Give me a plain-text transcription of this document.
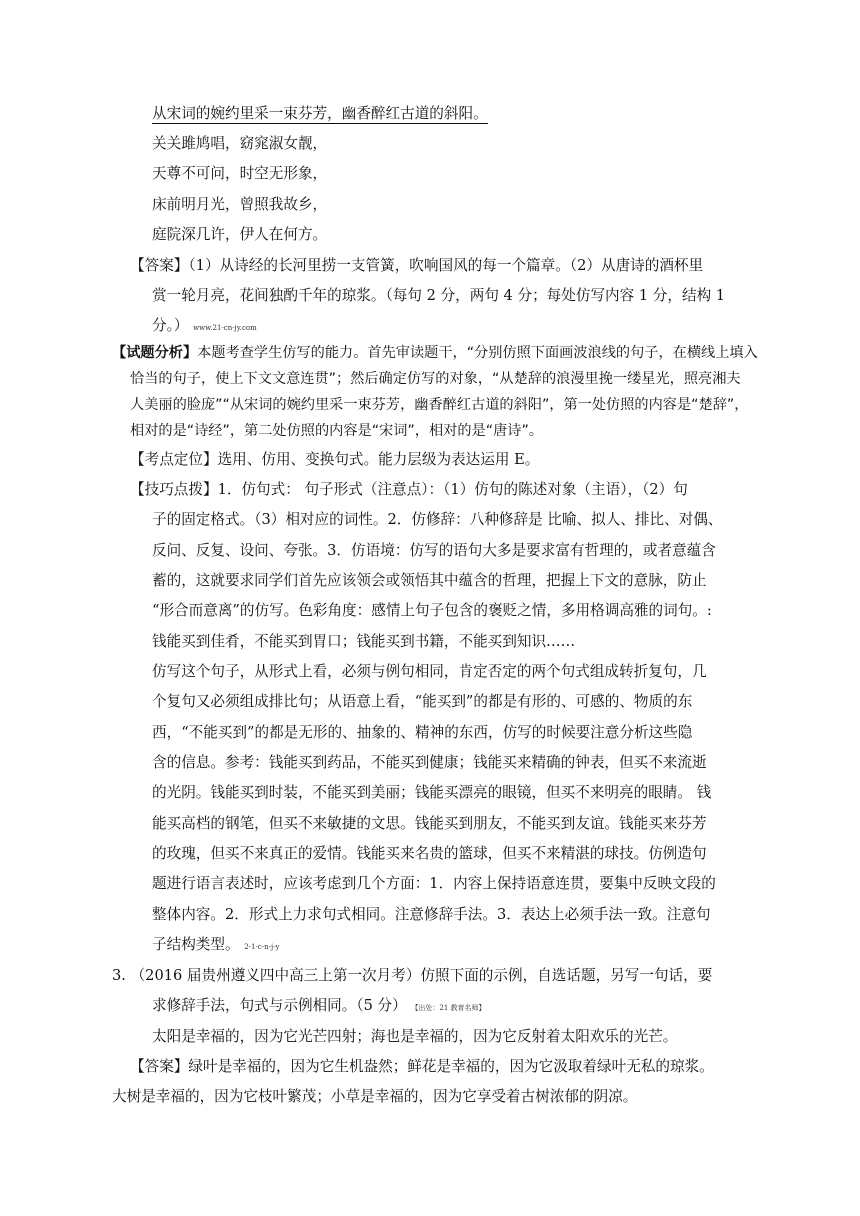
从宋词的婉约里采一束芬芳，幽香醉红古道的斜阳。
关关雎鸠唱，窈窕淑女靓，
天尊不可问，时空无形象，
床前明月光，曾照我故乡，
庭院深几许，伊人在何方。
【答案】（1）从诗经的长河里捞一支管簧，吹响国风的每一个篇章。（2）从唐诗的酒杯里
赏一轮月亮，花间独酌千年的琼浆。（每句 2 分，两句 4 分；每处仿写内容 1 分，结构 1
分。） www.21-cn-jy.com
【试题分析】本题考查学生仿写的能力。首先审读题干，“分别仿照下面画波浪线的句子，在横线上填入
恰当的句子，使上下文文意连贯”；然后确定仿写的对象，“从楚辞的浪漫里挽一缕星光，照亮湘夫
人美丽的脸庞”“从宋词的婉约里采一束芬芳，幽香醉红古道的斜阳”，第一处仿照的内容是“楚辞”，
相对的是“诗经”，第二处仿照的内容是“宋词”，相对的是“唐诗”。
【考点定位】选用、仿用、变换句式。能力层级为表达运用 E。
【技巧点拨】1．仿句式： 句子形式（注意点）：（1）仿句的陈述对象（主语），（2）句
子的固定格式。（3）相对应的词性。2．仿修辞：八种修辞是 比喻、拟人、排比、对偶、
反问、反复、设问、夸张。3．仿语境：仿写的语句大多是要求富有哲理的，或者意蕴含
蓄的，这就要求同学们首先应该领会或领悟其中蕴含的哲理，把握上下文的意脉，防止
“形合而意离”的仿写。色彩角度：感情上句子包含的褒贬之情，多用格调高雅的词句。:
钱能买到佳肴，不能买到胃口；钱能买到书籍，不能买到知识……
仿写这个句子，从形式上看，必须与例句相同，肯定否定的两个句式组成转折复句，几
个复句又必须组成排比句；从语意上看，“能买到”的都是有形的、可感的、物质的东
西，“不能买到”的都是无形的、抽象的、精神的东西，仿写的时候要注意分析这些隐
含的信息。参考：钱能买到药品，不能买到健康；钱能买来精确的钟表，但买不来流逝
的光阴。钱能买到时装，不能买到美丽；钱能买漂亮的眼镜，但买不来明亮的眼睛。 钱
能买高档的钢笔，但买不来敏捷的文思。钱能买到朋友，不能买到友谊。钱能买来芬芳
的玫瑰，但买不来真正的爱情。钱能买来名贵的篮球，但买不来精湛的球技。仿例造句
题进行语言表述时，应该考虑到几个方面：1．内容上保持语意连贯，要集中反映文段的
整体内容。2．形式上力求句式相同。注意修辞手法。3．表达上必须手法一致。注意句
子结构类型。 2-1-c-n-j-y
3. （2016 届贵州遵义四中高三上第一次月考）仿照下面的示例，自选话题，另写一句话，要
求修辞手法，句式与示例相同。（5 分） 【出处：21 教育名师】
太阳是幸福的，因为它光芒四射；海也是幸福的，因为它反射着太阳欢乐的光芒。
【答案】绿叶是幸福的，因为它生机盎然；鲜花是幸福的，因为它汲取着绿叶无私的琼浆。
大树是幸福的，因为它枝叶繁茂；小草是幸福的，因为它享受着古树浓郁的阴凉。
